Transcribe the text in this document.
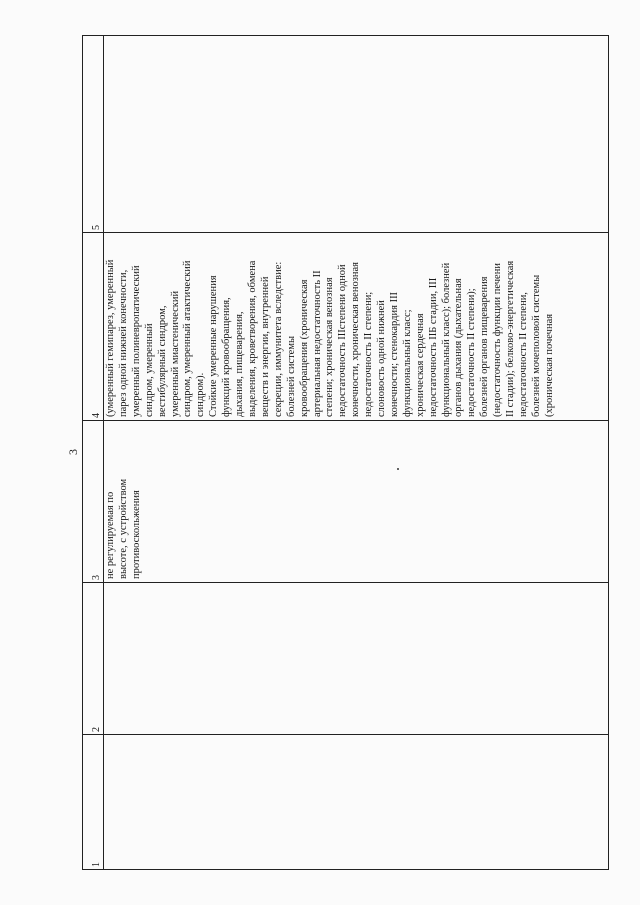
3
1
2
3
4
5
не регулируемая по высоте, с устройством противоскольжения
(умеренный гемипарез, умеренный парез одной нижней конечности, умеренный полиневропатический синдром, умеренный вестибулярный синдром, умеренный миастенический синдром, умеренный атактический синдром). Стойкие умеренные нарушения функций кровообращения, дыхания, пищеварения, выделения, кроветворения, обмена веществ и энергии, внутренней секреции, иммунитета вследствие: болезней системы кровообращения (хроническая артериальная недостаточность II степени; хроническая венозная недостаточность IIIстепени одной конечности, хроническая венозная недостаточность II степени; слоновость одной нижней конечности; стенокардия III функциональный класс; хроническая сердечная недостаточность IIБ стадии, III функциональный класс); болезней органов дыхания (дыхательная недостаточность II степени); болезней органов пищеварения (недостаточность функции печени II стадии); белково-энергетическая недостаточность II степени, болезней мочеполовой системы (хроническая почечная
